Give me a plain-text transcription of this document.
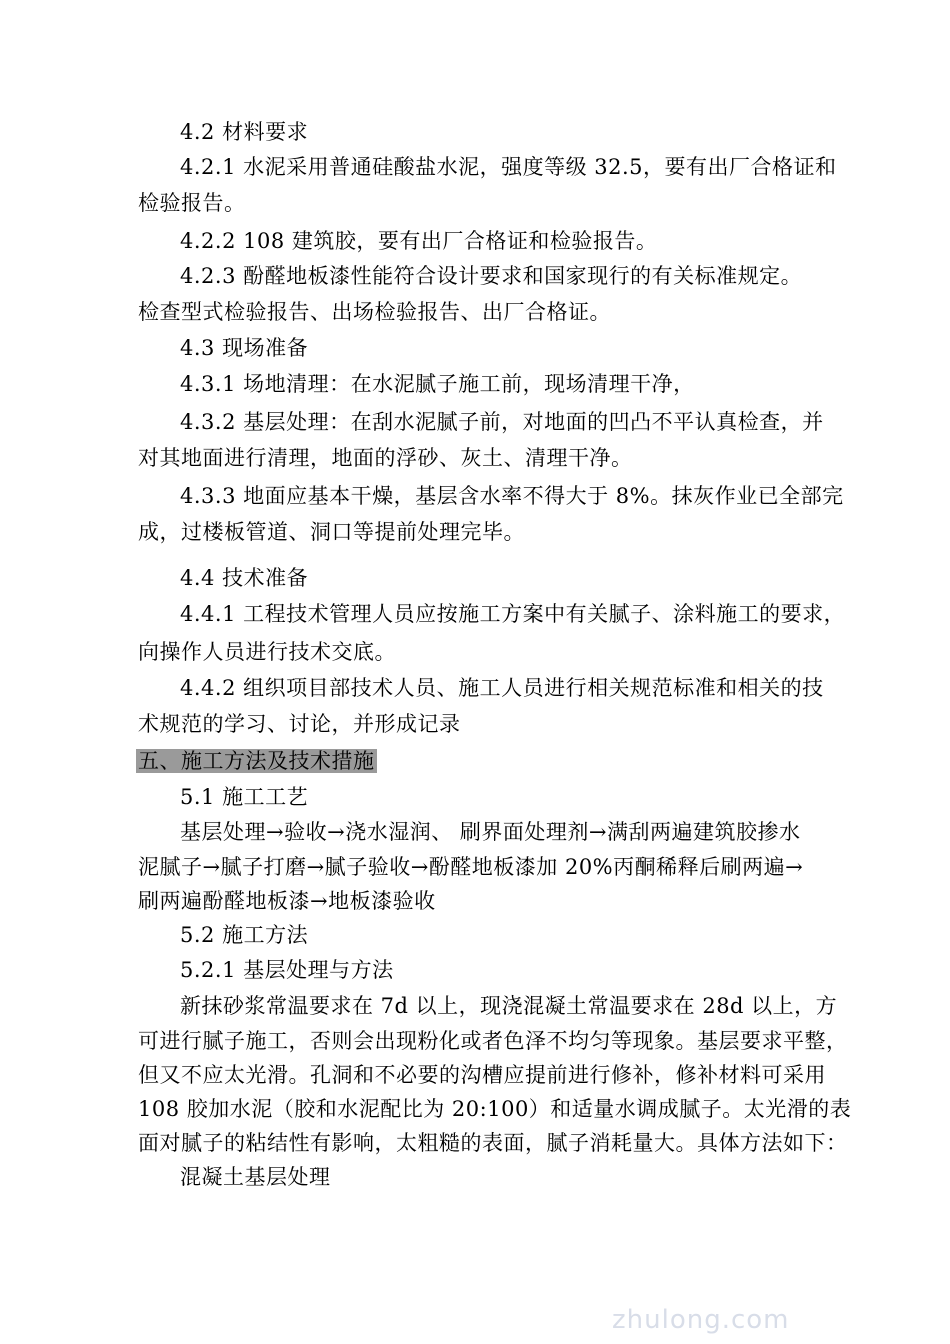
4.2 材料要求
4.2.1 水泥采用普通硅酸盐水泥，强度等级 32.5，要有出厂合格证和
检验报告。
4.2.2 108 建筑胶，要有出厂合格证和检验报告。
4.2.3 酚醛地板漆性能符合设计要求和国家现行的有关标准规定。
检查型式检验报告、出场检验报告、出厂合格证。
4.3 现场准备
4.3.1 场地清理：在水泥腻子施工前，现场清理干净，
4.3.2 基层处理：在刮水泥腻子前，对地面的凹凸不平认真检查，并
对其地面进行清理，地面的浮砂、灰土、清理干净。
4.3.3 地面应基本干燥，基层含水率不得大于 8%。抹灰作业已全部完
成，过楼板管道、洞口等提前处理完毕。
4.4 技术准备
4.4.1 工程技术管理人员应按施工方案中有关腻子、涂料施工的要求，
向操作人员进行技术交底。
4.4.2 组织项目部技术人员、施工人员进行相关规范标准和相关的技
术规范的学习、讨论，并形成记录
五、施工方法及技术措施
5.1 施工工艺
基层处理→验收→浇水湿润、 刷界面处理剂→满刮两遍建筑胶掺水
泥腻子→腻子打磨→腻子验收→酚醛地板漆加 20%丙酮稀释后刷两遍→
刷两遍酚醛地板漆→地板漆验收
5.2 施工方法
5.2.1 基层处理与方法
新抹砂浆常温要求在 7d 以上，现浇混凝土常温要求在 28d 以上，方
可进行腻子施工，否则会出现粉化或者色泽不均匀等现象。基层要求平整，
但又不应太光滑。孔洞和不必要的沟槽应提前进行修补，修补材料可采用
108 胶加水泥（胶和水泥配比为 20:100）和适量水调成腻子。太光滑的表
面对腻子的粘结性有影响，太粗糙的表面，腻子消耗量大。具体方法如下：
混凝土基层处理
zhulong.com
